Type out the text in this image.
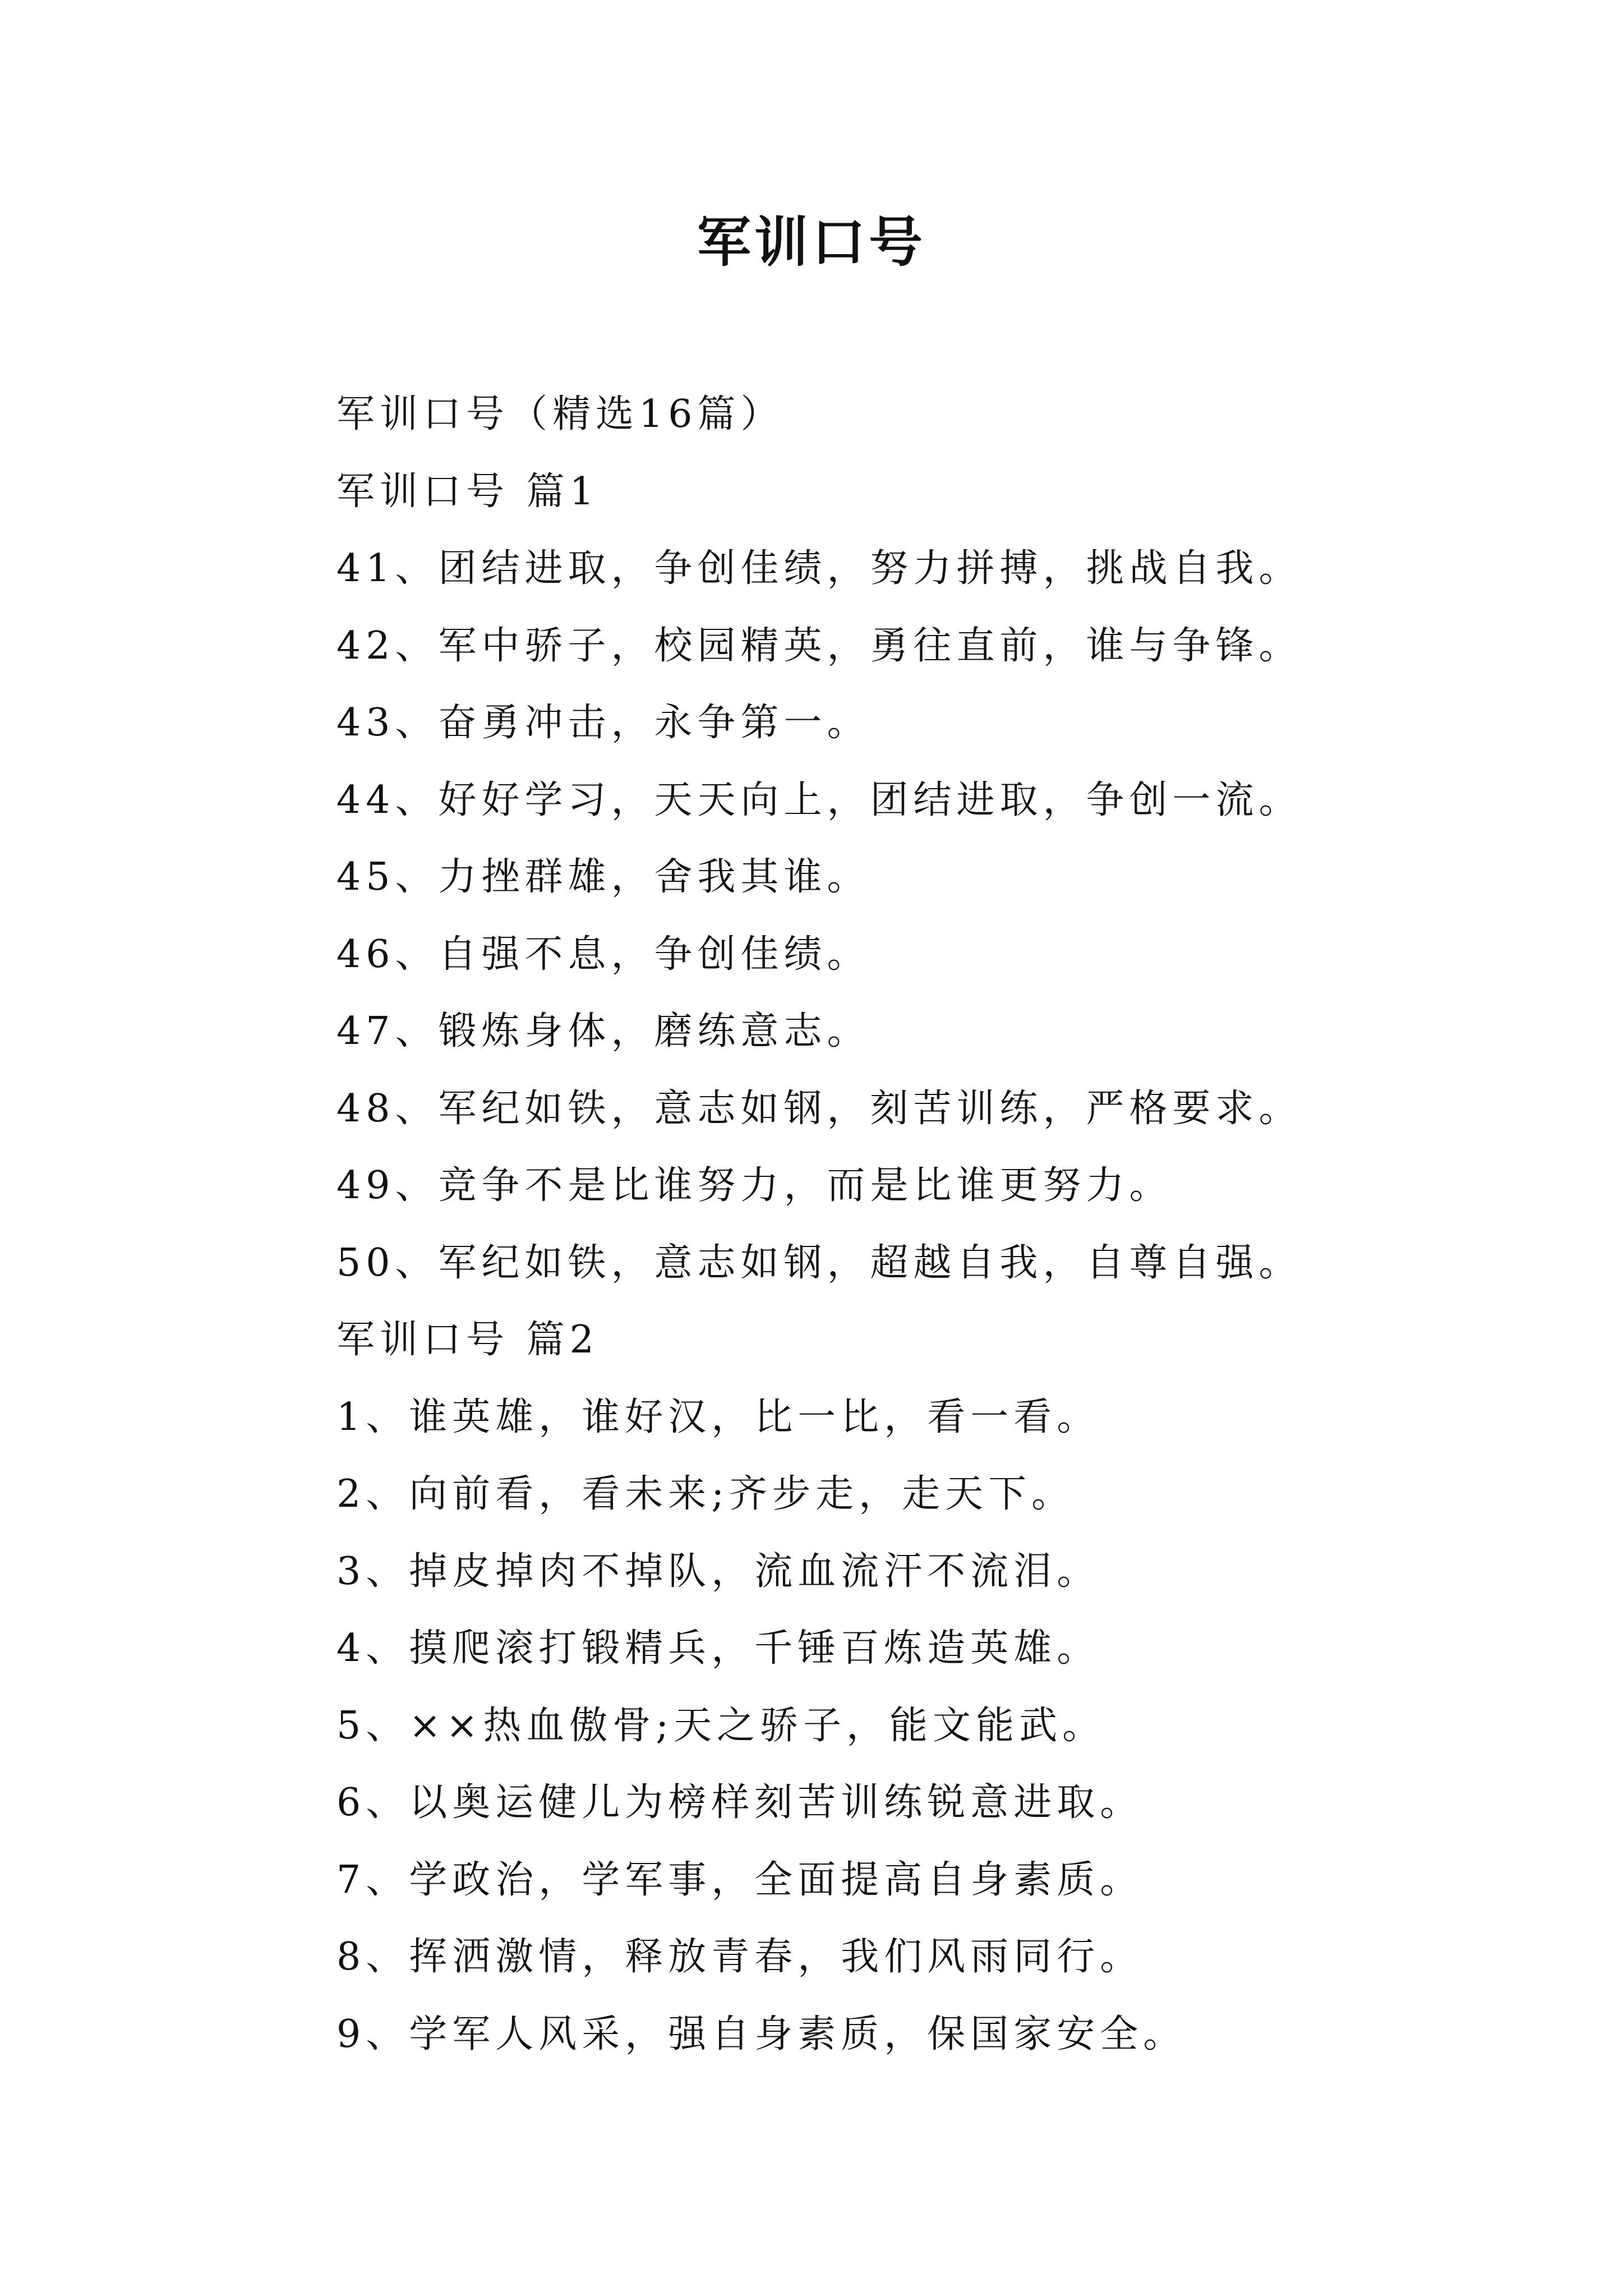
军训口号
军训口号（精选16篇）
军训口号 篇1
41、团结进取，争创佳绩，努力拼搏，挑战自我。
42、军中骄子，校园精英，勇往直前，谁与争锋。
43、奋勇冲击，永争第一。
44、好好学习，天天向上，团结进取，争创一流。
45、力挫群雄，舍我其谁。
46、自强不息，争创佳绩。
47、锻炼身体，磨练意志。
48、军纪如铁，意志如钢，刻苦训练，严格要求。
49、竞争不是比谁努力，而是比谁更努力。
50、军纪如铁，意志如钢，超越自我，自尊自强。
军训口号 篇2
1、谁英雄，谁好汉，比一比，看一看。
2、向前看，看未来;齐步走，走天下。
3、掉皮掉肉不掉队，流血流汗不流泪。
4、摸爬滚打锻精兵，千锤百炼造英雄。
5、××热血傲骨;天之骄子，能文能武。
6、以奥运健儿为榜样刻苦训练锐意进取。
7、学政治，学军事，全面提高自身素质。
8、挥洒激情，释放青春，我们风雨同行。
9、学军人风采，强自身素质，保国家安全。
